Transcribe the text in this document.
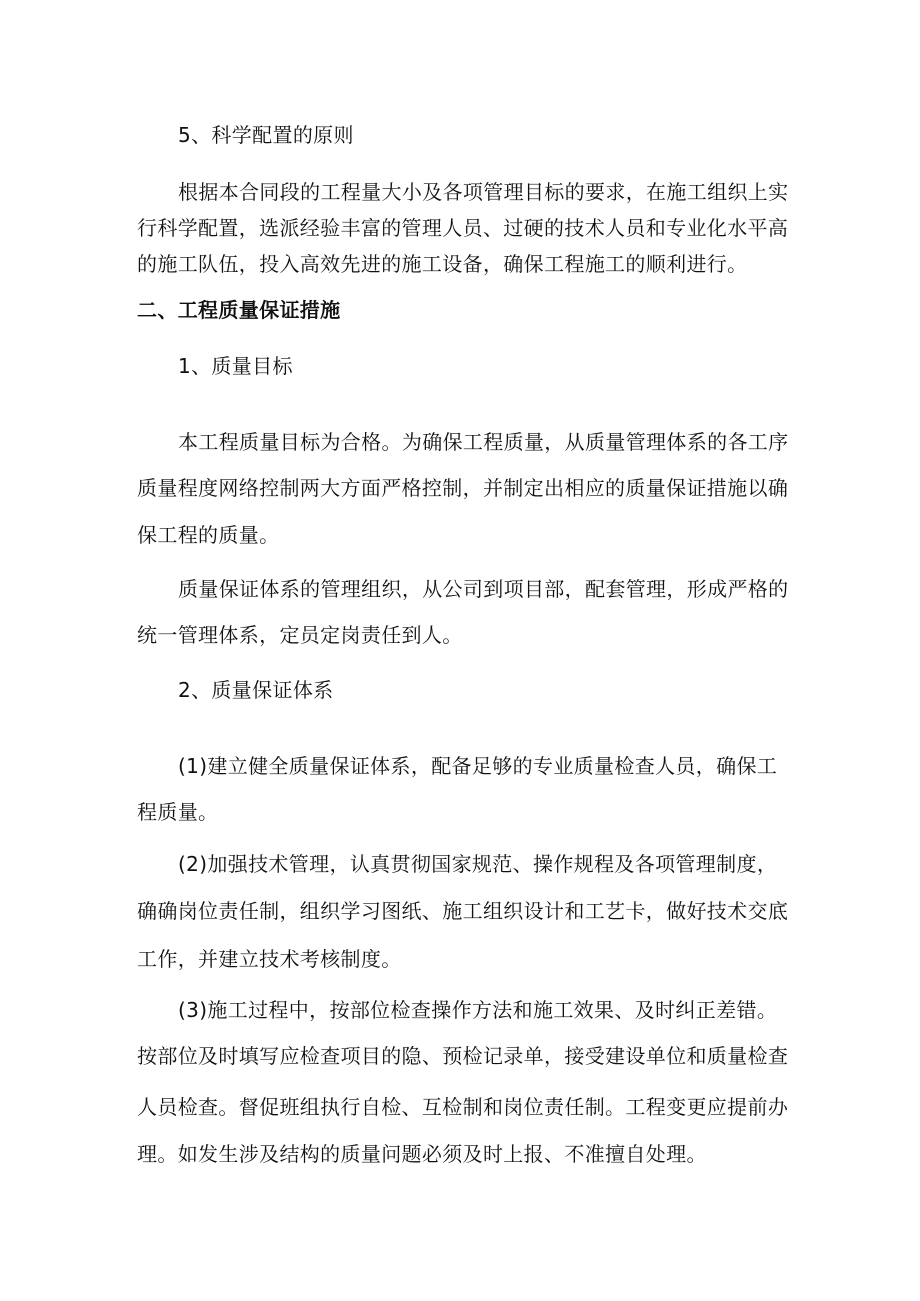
5、科学配置的原则
根据本合同段的工程量大小及各项管理目标的要求，在施工组织上实
行科学配置，选派经验丰富的管理人员、过硬的技术人员和专业化水平高
的施工队伍，投入高效先进的施工设备，确保工程施工的顺利进行。
二、工程质量保证措施
1、质量目标
本工程质量目标为合格。为确保工程质量，从质量管理体系的各工序
质量程度网络控制两大方面严格控制，并制定出相应的质量保证措施以确
保工程的质量。
质量保证体系的管理组织，从公司到项目部，配套管理，形成严格的
统一管理体系，定员定岗责任到人。
2、质量保证体系
(1)建立健全质量保证体系，配备足够的专业质量检查人员，确保工
程质量。
(2)加强技术管理，认真贯彻国家规范、操作规程及各项管理制度，
确确岗位责任制，组织学习图纸、施工组织设计和工艺卡，做好技术交底
工作，并建立技术考核制度。
(3)施工过程中，按部位检查操作方法和施工效果、及时纠正差错。
按部位及时填写应检查项目的隐、预检记录单，接受建设单位和质量检查
人员检查。督促班组执行自检、互检制和岗位责任制。工程变更应提前办
理。如发生涉及结构的质量问题必须及时上报、不准擅自处理。
